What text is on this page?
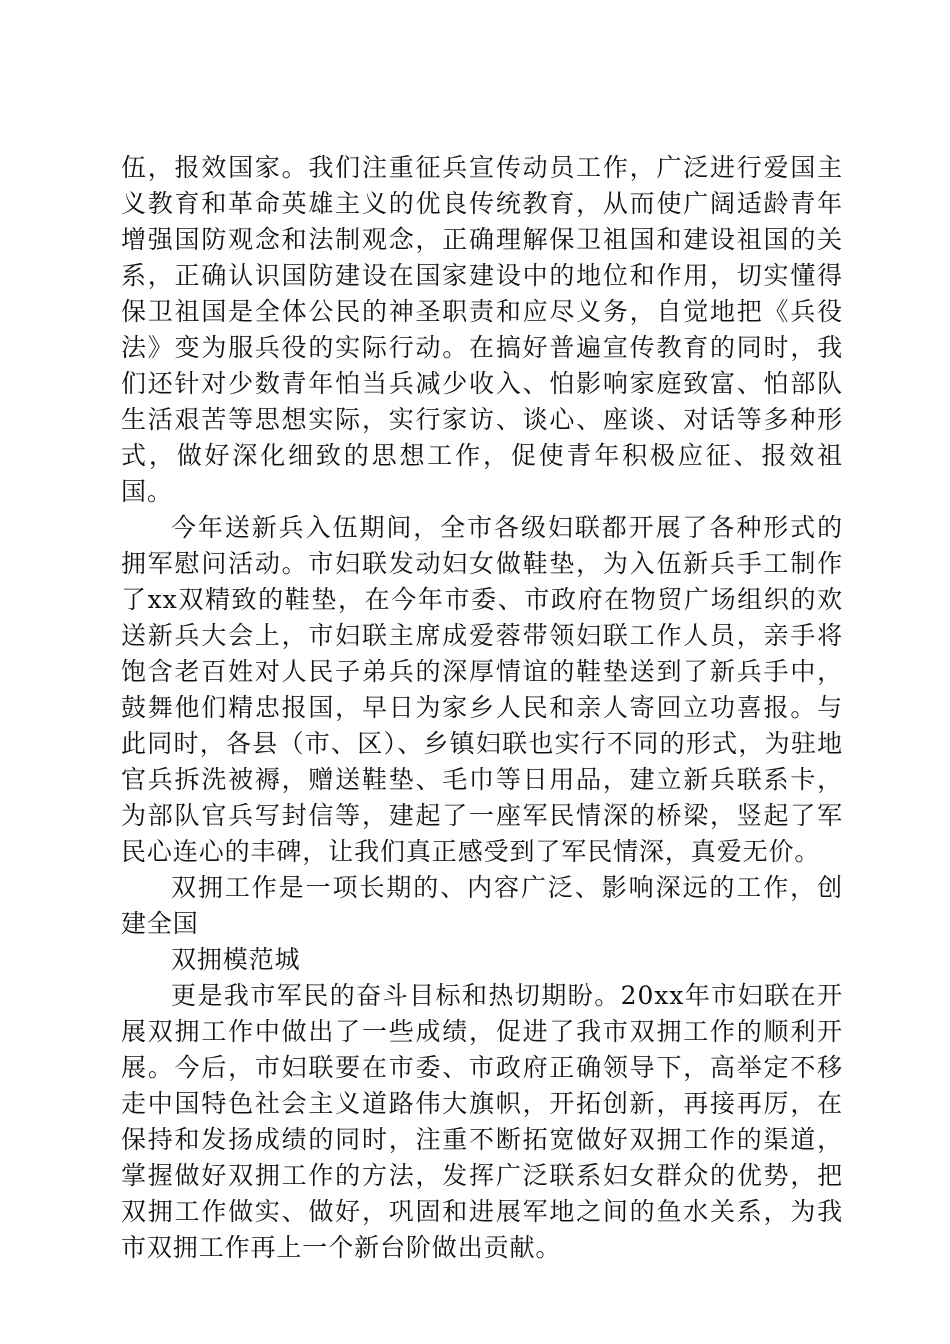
伍，报效国家。我们注重征兵宣传动员工作，广泛进行爱国主义教育和革命英雄主义的优良传统教育，从而使广阔适龄青年增强国防观念和法制观念，正确理解保卫祖国和建设祖国的关系，正确认识国防建设在国家建设中的地位和作用，切实懂得保卫祖国是全体公民的神圣职责和应尽义务，自觉地把《兵役法》变为服兵役的实际行动。在搞好普遍宣传教育的同时，我们还针对少数青年怕当兵减少收入、怕影响家庭致富、怕部队生活艰苦等思想实际，实行家访、谈心、座谈、对话等多种形式，做好深化细致的思想工作，促使青年积极应征、报效祖国。

今年送新兵入伍期间，全市各级妇联都开展了各种形式的拥军慰问活动。市妇联发动妇女做鞋垫，为入伍新兵手工制作了xx双精致的鞋垫，在今年市委、市政府在物贸广场组织的欢送新兵大会上，市妇联主席成爱蓉带领妇联工作人员，亲手将饱含老百姓对人民子弟兵的深厚情谊的鞋垫送到了新兵手中，鼓舞他们精忠报国，早日为家乡人民和亲人寄回立功喜报。与此同时，各县（市、区）、乡镇妇联也实行不同的形式，为驻地官兵拆洗被褥，赠送鞋垫、毛巾等日用品，建立新兵联系卡，为部队官兵写封信等，建起了一座军民情深的桥梁，竖起了军民心连心的丰碑，让我们真正感受到了军民情深，真爱无价。

双拥工作是一项长期的、内容广泛、影响深远的工作，创建全国

双拥模范城

更是我市军民的奋斗目标和热切期盼。20xx年市妇联在开展双拥工作中做出了一些成绩，促进了我市双拥工作的顺利开展。今后，市妇联要在市委、市政府正确领导下，高举定不移走中国特色社会主义道路伟大旗帜，开拓创新，再接再厉，在保持和发扬成绩的同时，注重不断拓宽做好双拥工作的渠道，掌握做好双拥工作的方法，发挥广泛联系妇女群众的优势，把双拥工作做实、做好，巩固和进展军地之间的鱼水关系，为我市双拥工作再上一个新台阶做出贡献。
